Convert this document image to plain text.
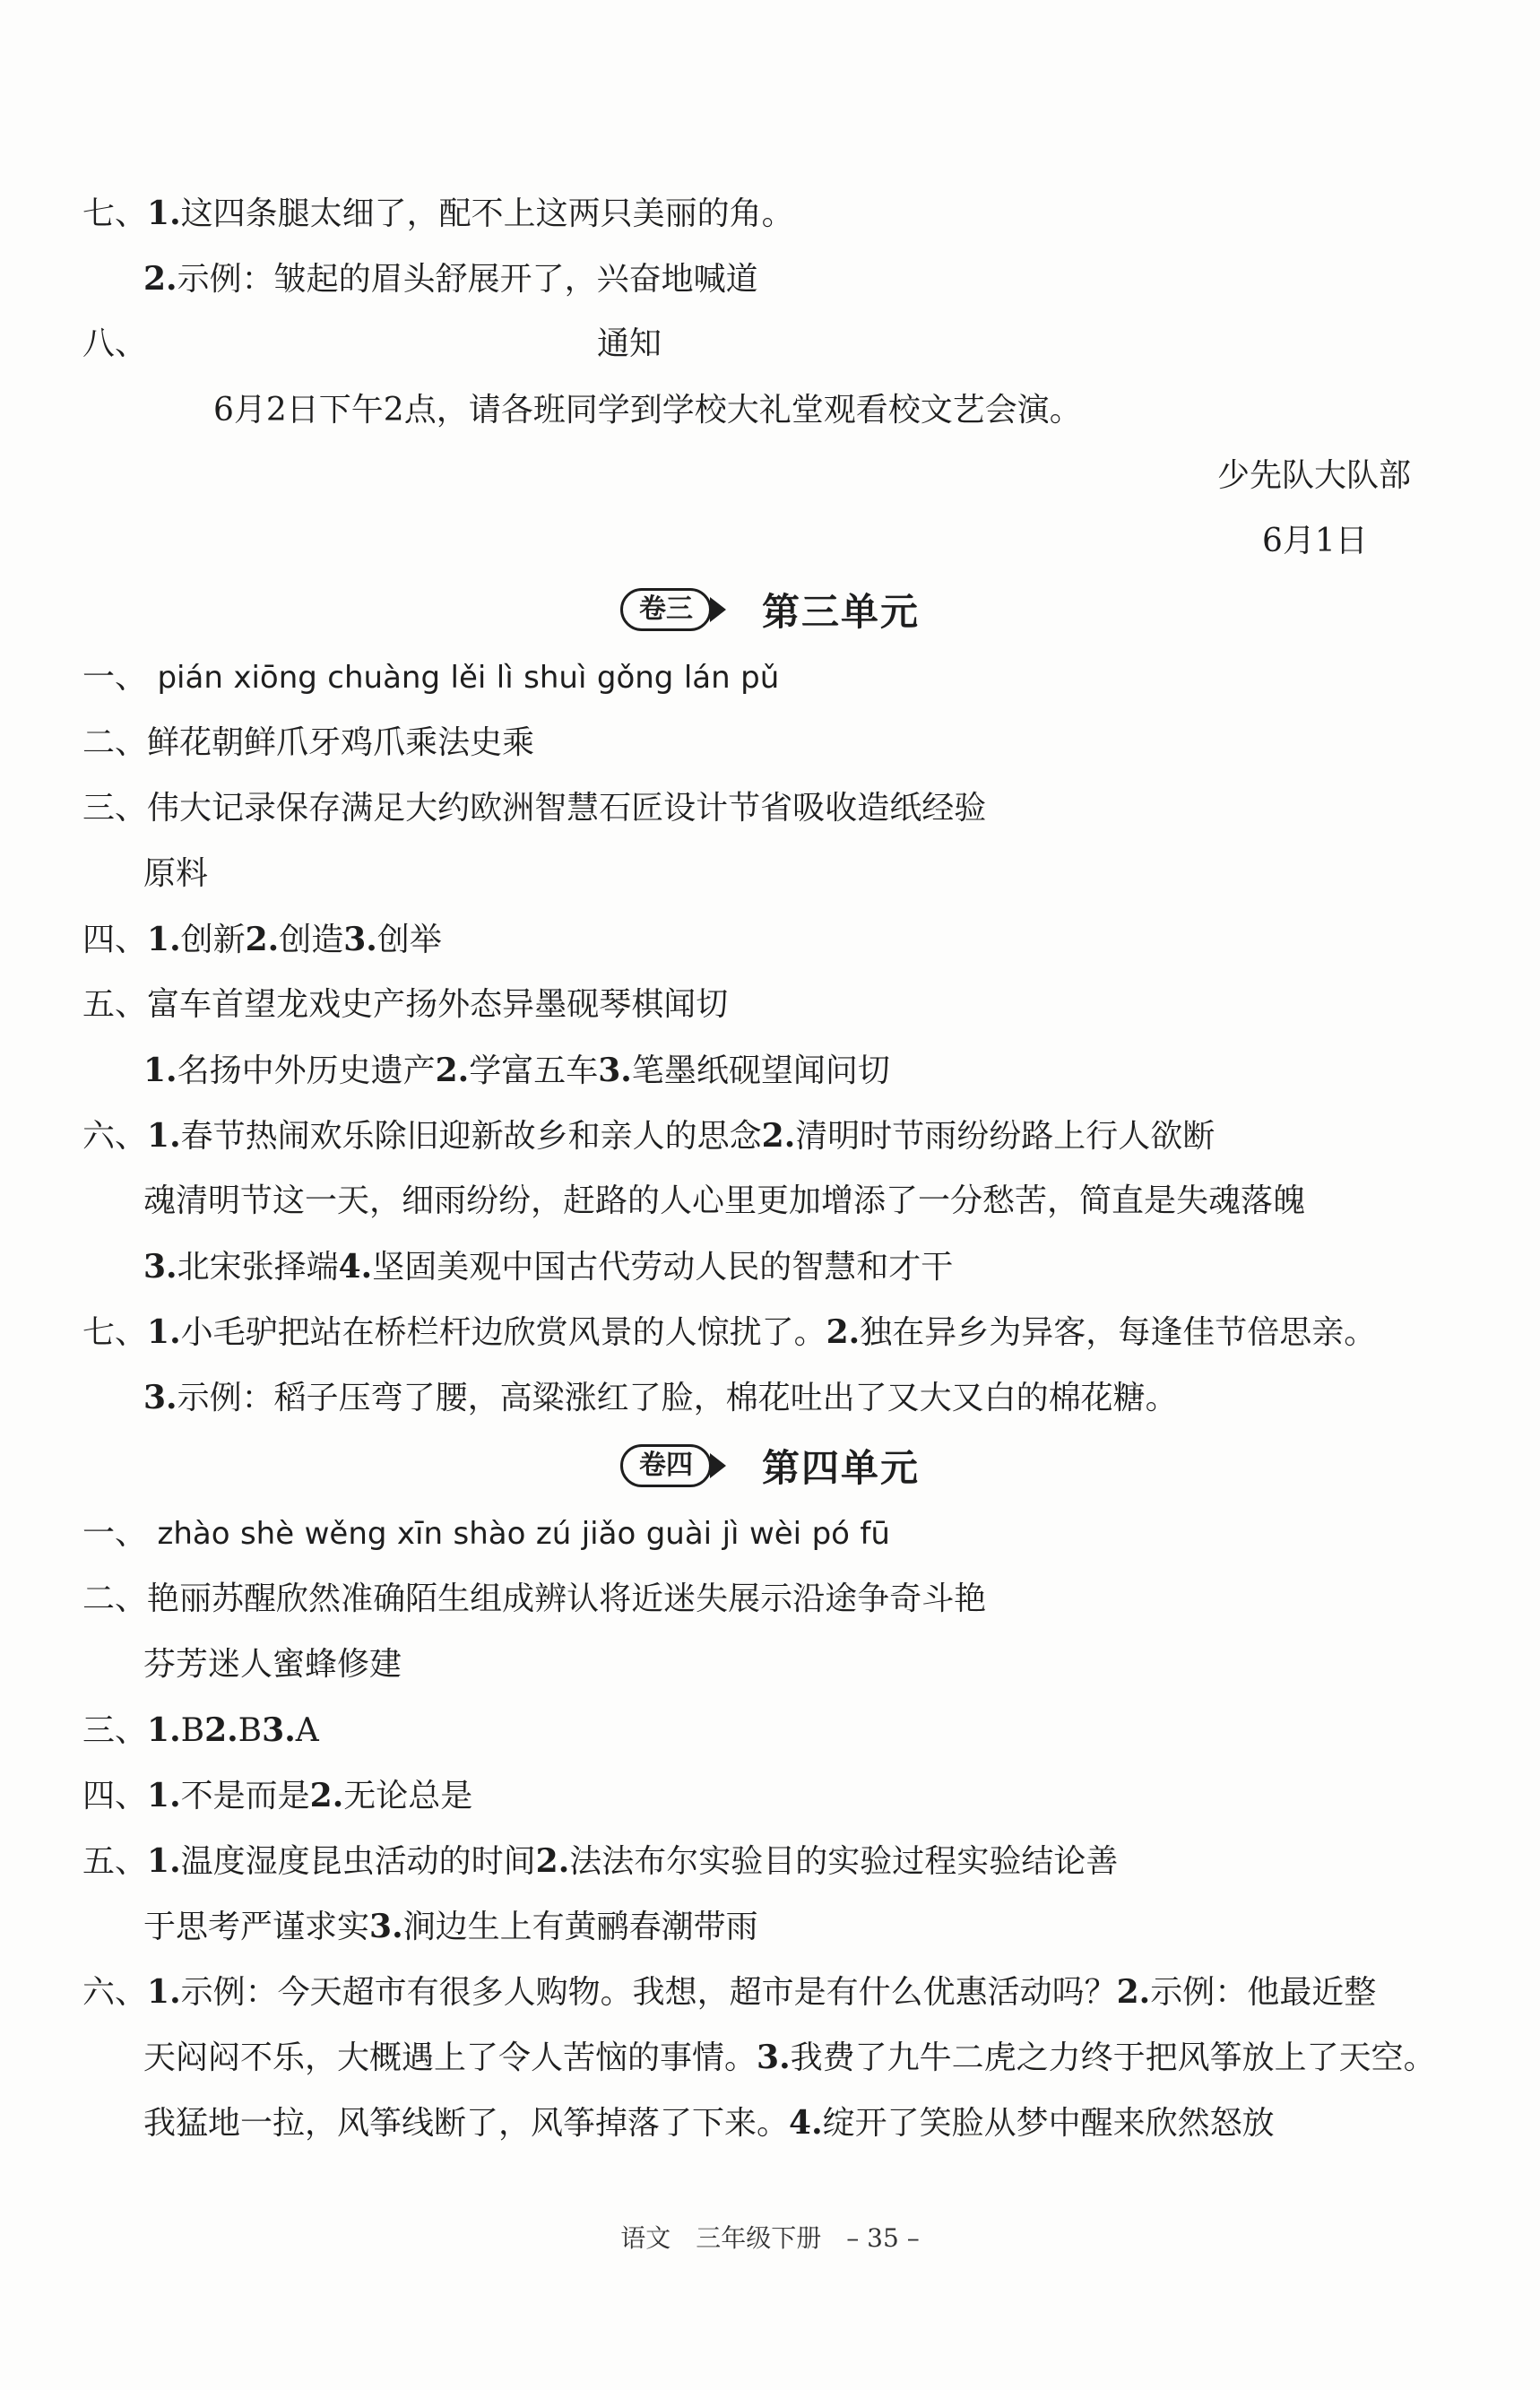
七、1.这四条腿太细了，配不上这两只美丽的角。
2.示例：皱起的眉头舒展开了，兴奋地喊道
八、	通知
6月2日下午2点，请各班同学到学校大礼堂观看校文艺会演。
少先队大队部
6月1日
卷三	第三单元
一、 pián xiōng chuàng lěi lì shuì gǒng lán pǔ
二、鲜花朝鲜爪牙鸡爪乘法史乘
三、伟大记录保存满足大约欧洲智慧石匠设计节省吸收造纸经验
原料
四、1.创新2.创造3.创举
五、富车首望龙戏史产扬外态异墨砚琴棋闻切
1.名扬中外历史遗产2.学富五车3.笔墨纸砚望闻问切
六、1.春节热闹欢乐除旧迎新故乡和亲人的思念2.清明时节雨纷纷路上行人欲断
魂清明节这一天，细雨纷纷，赶路的人心里更加增添了一分愁苦，简直是失魂落魄
3.北宋张择端4.坚固美观中国古代劳动人民的智慧和才干
七、1.小毛驴把站在桥栏杆边欣赏风景的人惊扰了。2.独在异乡为异客，每逢佳节倍思亲。
3.示例：稻子压弯了腰，高粱涨红了脸，棉花吐出了又大又白的棉花糖。
卷四	第四单元
一、 zhào shè wěng xīn shào zú jiǎo guài jì wèi pó fū
二、艳丽苏醒欣然准确陌生组成辨认将近迷失展示沿途争奇斗艳
芬芳迷人蜜蜂修建
三、1.B2.B3.A
四、1.不是而是2.无论总是
五、1.温度湿度昆虫活动的时间2.法法布尔实验目的实验过程实验结论善
于思考严谨求实3.涧边生上有黄鹂春潮带雨
六、1.示例：今天超市有很多人购物。我想，超市是有什么优惠活动吗？2.示例：他最近整
天闷闷不乐，大概遇上了令人苦恼的事情。3.我费了九牛二虎之力终于把风筝放上了天空。
我猛地一拉，风筝线断了，风筝掉落了下来。4.绽开了笑脸从梦中醒来欣然怒放
语文　三年级下册　– 35 –
